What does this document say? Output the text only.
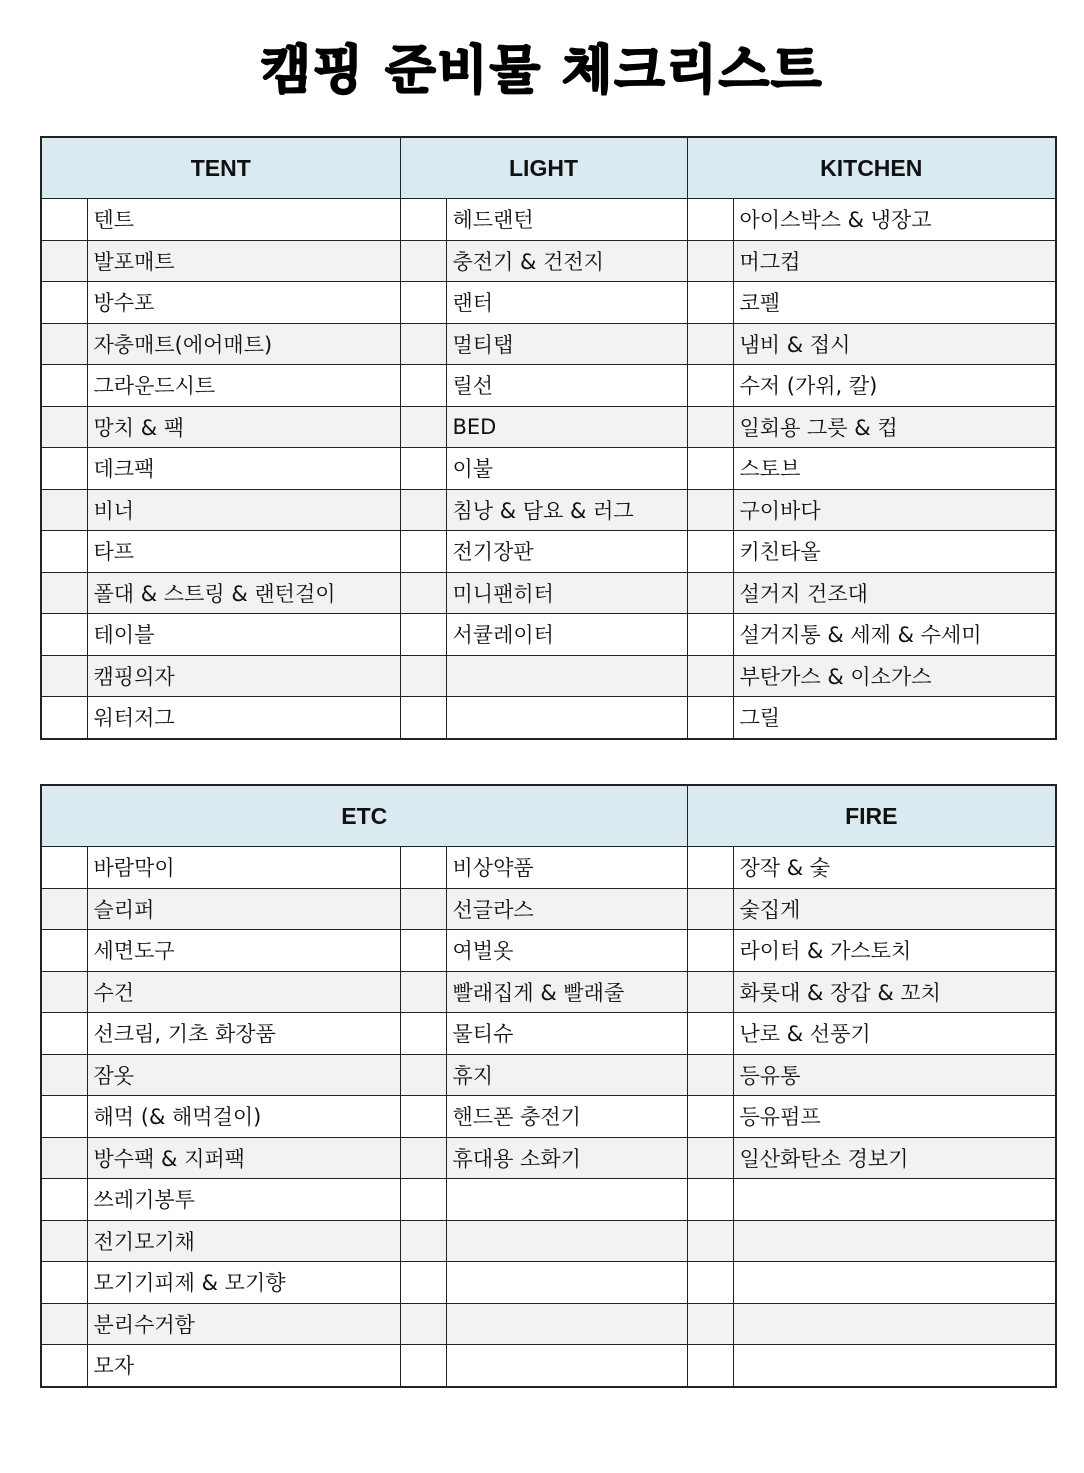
캠핑 준비물 체크리스트
TENT		LIGHT		KITCHEN	
	텐트		헤드랜턴		아이스박스 & 냉장고
	발포매트		충전기 & 건전지		머그컵
	방수포		랜터		코펠
	자충매트(에어매트)		멀티탭		냄비 & 접시
	그라운드시트		릴선		수저 (가위, 칼)
	망치 & 팩		BED		일회용 그릇 & 컵
	데크팩		이불		스토브
	비너		침낭 & 담요 & 러그		구이바다
	타프		전기장판		키친타올
	폴대 & 스트링 & 랜턴걸이		미니팬히터		설거지 건조대
	테이블		서큘레이터		설거지통 & 세제 & 수세미
	캠핑의자				부탄가스 & 이소가스
	워터저그				그릴
ETC				FIRE	
	바람막이		비상약품		장작 & 숯
	슬리퍼		선글라스		숯집게
	세면도구		여벌옷		라이터 & 가스토치
	수건		빨래집게 & 빨래줄		화롯대 & 장갑 & 꼬치
	선크림, 기초 화장품		물티슈		난로 & 선풍기
	잠옷		휴지		등유통
	해먹 (& 해먹걸이)		핸드폰 충전기		등유펌프
	방수팩 & 지퍼팩		휴대용 소화기		일산화탄소 경보기
	쓰레기봉투				
	전기모기채				
	모기기피제 & 모기향				
	분리수거함				
	모자				
